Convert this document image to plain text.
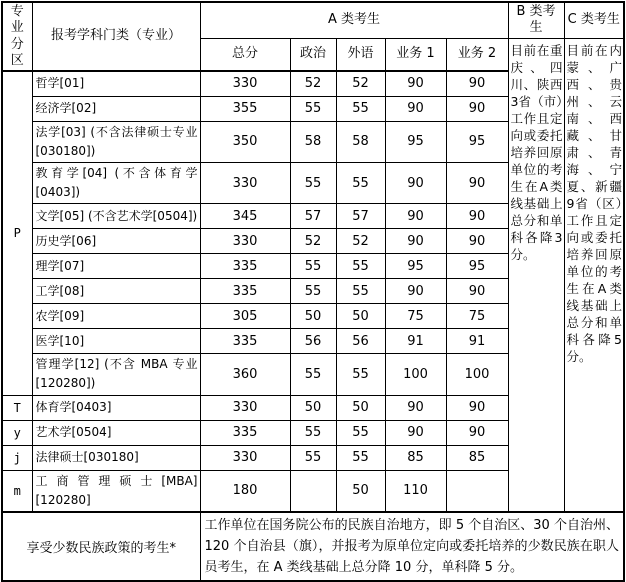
专业分区	报考学科门类（专业）	A 类考生					B 类考生	C 类考生
		总分	政治	外语	业务 1	业务 2	目前在重庆、四川、陕西3省（市）工作且定向或委托培养回原单位的考生在A类线基础上总分和单科各降3分。	目前在内蒙、广西、贵州、云南、西藏、甘肃、青海、宁夏、新疆9省（区）工作且定向或委托培养回原单位的考生在A类线基础上总分和单科各降5分。
P	哲学[01]	330	52	52	90	90		
	经济学[02]	355	55	55	90	90		
	法学[03] (不含法律硕士专业[030180])	350	58	58	95	95		
	教育学[04] (不含体育学[0403])	330	55	55	90	90		
	文学[05] (不含艺术学[0504])	345	57	57	90	90		
	历史学[06]	330	52	52	90	90		
	理学[07]	335	55	55	95	95		
	工学[08]	335	55	55	90	90		
	农学[09]	305	50	50	75	75		
	医学[10]	335	56	56	91	91		
	管理学[12] (不含 MBA 专业[120280])	360	55	55	100	100		
T	体育学[0403]	330	50	50	90	90		
y	艺术学[0504]	335	55	55	90	90		
j	法律硕士[030180]	330	55	55	85	85		
m	工商管理硕士[MBA][120280]	180		50	110			
享受少数民族政策的考生*		工作单位在国务院公布的民族自治地方，即 5 个自治区、30 个自治州、120 个自治县（旗），并报考为原单位定向或委托培养的少数民族在职人员考生，在 A 类线基础上总分降 10 分，单科降 5 分。						
